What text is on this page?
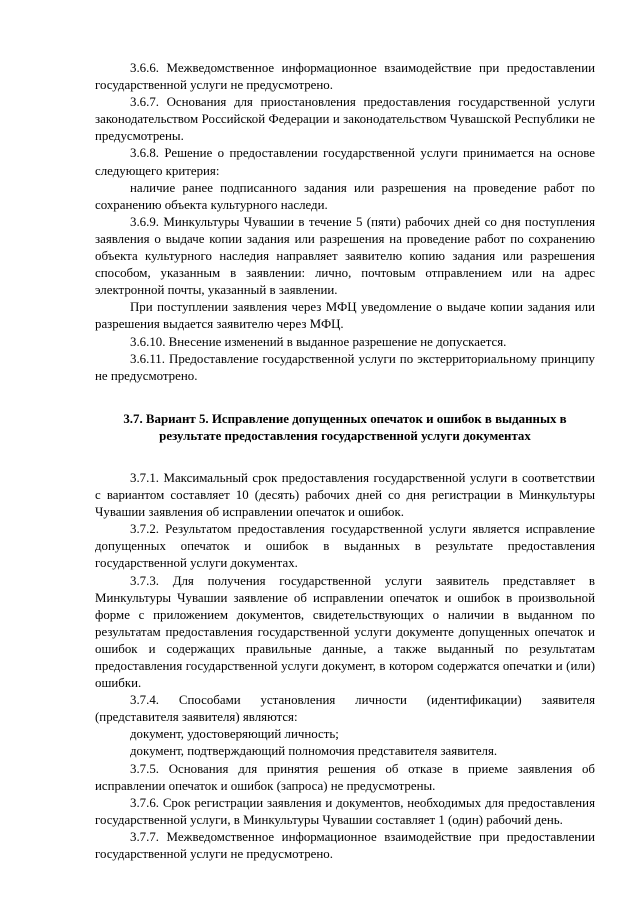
3.6.6. Межведомственное информационное взаимодействие при предоставлении государственной услуги не предусмотрено.

3.6.7. Основания для приостановления предоставления государственной услуги законодательством Российской Федерации и законодательством Чувашской Республики не предусмотрены.

3.6.8. Решение о предоставлении государственной услуги принимается на основе следующего критерия:

наличие ранее подписанного задания или разрешения на проведение работ по сохранению объекта культурного наследи.

3.6.9. Минкультуры Чувашии в течение 5 (пяти) рабочих дней со дня поступления заявления о выдаче копии задания или разрешения на проведение работ по сохранению объекта культурного наследия направляет заявителю копию задания или разрешения способом, указанным в заявлении: лично, почтовым отправлением или на адрес электронной почты, указанный в заявлении.

При поступлении заявления через МФЦ уведомление о выдаче копии задания или разрешения выдается заявителю через МФЦ.

3.6.10. Внесение изменений в выданное разрешение не допускается.

3.6.11. Предоставление государственной услуги по экстерриториальному принципу не предусмотрено.

3.7. Вариант 5. Исправление допущенных опечаток и ошибок в выданных в результате предоставления государственной услуги документах

3.7.1. Максимальный срок предоставления государственной услуги в соответствии с вариантом составляет 10 (десять) рабочих дней со дня регистрации в Минкультуры Чувашии заявления об исправлении опечаток и ошибок.

3.7.2. Результатом предоставления государственной услуги является исправление допущенных опечаток и ошибок в выданных в результате предоставления государственной услуги документах.

3.7.3. Для получения государственной услуги заявитель представляет в Минкультуры Чувашии заявление об исправлении опечаток и ошибок в произвольной форме с приложением документов, свидетельствующих о наличии в выданном по результатам предоставления государственной услуги документе допущенных опечаток и ошибок и содержащих правильные данные, а также выданный по результатам предоставления государственной услуги документ, в котором содержатся опечатки и (или) ошибки.

3.7.4. Способами установления личности (идентификации) заявителя (представителя заявителя) являются:

документ, удостоверяющий личность;

документ, подтверждающий полномочия представителя заявителя.

3.7.5. Основания для принятия решения об отказе в приеме заявления об исправлении опечаток и ошибок (запроса) не предусмотрены.

3.7.6. Срок регистрации заявления и документов, необходимых для предоставления государственной услуги, в Минкультуры Чувашии составляет 1 (один) рабочий день.

3.7.7. Межведомственное информационное взаимодействие при предоставлении государственной услуги не предусмотрено.
